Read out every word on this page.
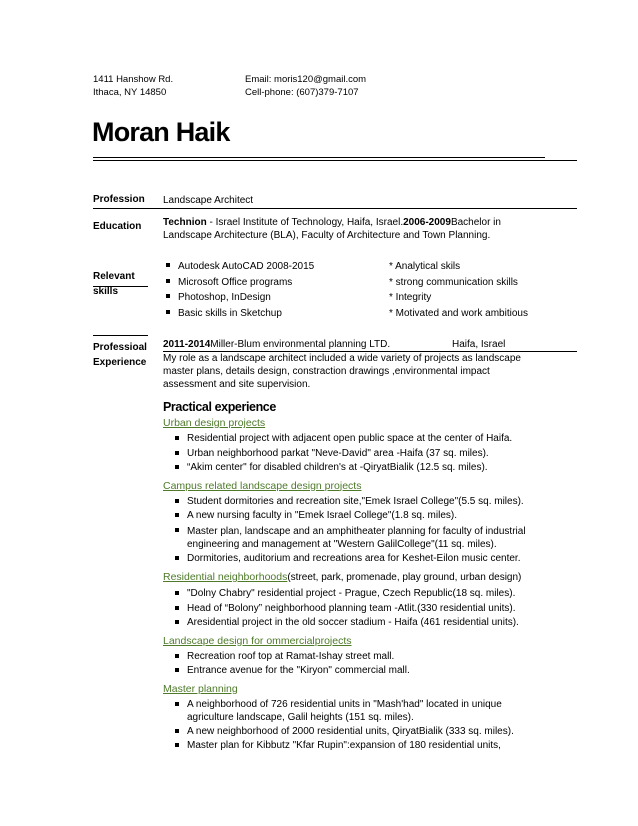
1411 Hanshow Rd.
Ithaca, NY 14850
Email: moris120@gmail.com
Cell-phone: (607)379-7107
Moran Haik
Profession Landscape Architect
Education Technion - Israel Institute of Technology, Haifa, Israel.2006-2009Bachelor in
Landscape Architecture (BLA), Faculty of Architecture and Town Planning.
Relevant
skills
Autodesk AutoCAD 2008-2015
Microsoft Office programs
Photoshop, InDesign
Basic skills in Sketchup
* Analytical skils
* strong communication skills
* Integrity
* Motivated and work ambitious
Professioal
Experience
2011-2014Miller-Blum environmental planning LTD.	Haifa, Israel
My role as a landscape architect included a wide variety of projects as landscape
master plans, details design, constraction drawings ,environmental impact
assessment and site supervision.
Practical experience
Urban design projects
Residential project with adjacent open public space at the center of Haifa.
Urban neighborhood parkat "Neve-David" area -Haifa (37 sq. miles).
“Akim center" for disabled children's at -QiryatBialik (12.5 sq. miles).
Campus related landscape design projects
Student dormitories and recreation site,"Emek Israel College"(5.5 sq. miles).
A new nursing faculty in "Emek Israel College"(1.8 sq. miles).
Master plan, landscape and an amphitheater planning for faculty of industrial
engineering and management at "Western GalilCollege"(11 sq. miles).
Dormitories, auditorium and recreations area for Keshet-Eilon music center.
Residential neighborhoods(street, park, promenade, play ground, urban design)
"Dolny Chabry" residential project - Prague, Czech Republic(18 sq. miles).
Head of “Bolony” neighborhood planning team -Atlit.(330 residential units).
Aresidential project in the old soccer stadium - Haifa (461 residential units).
Landscape design for ommercialprojects
Recreation roof top at Ramat-Ishay street mall.
Entrance avenue for the "Kiryon" commercial mall.
Master planning
A neighborhood of 726 residential units in "Mash'had" located in unique
agriculture landscape, Galil heights (151 sq. miles).
A new neighborhood of 2000 residential units, QiryatBialik (333 sq. miles).
Master plan for Kibbutz "Kfar Rupin":expansion of 180 residential units,
